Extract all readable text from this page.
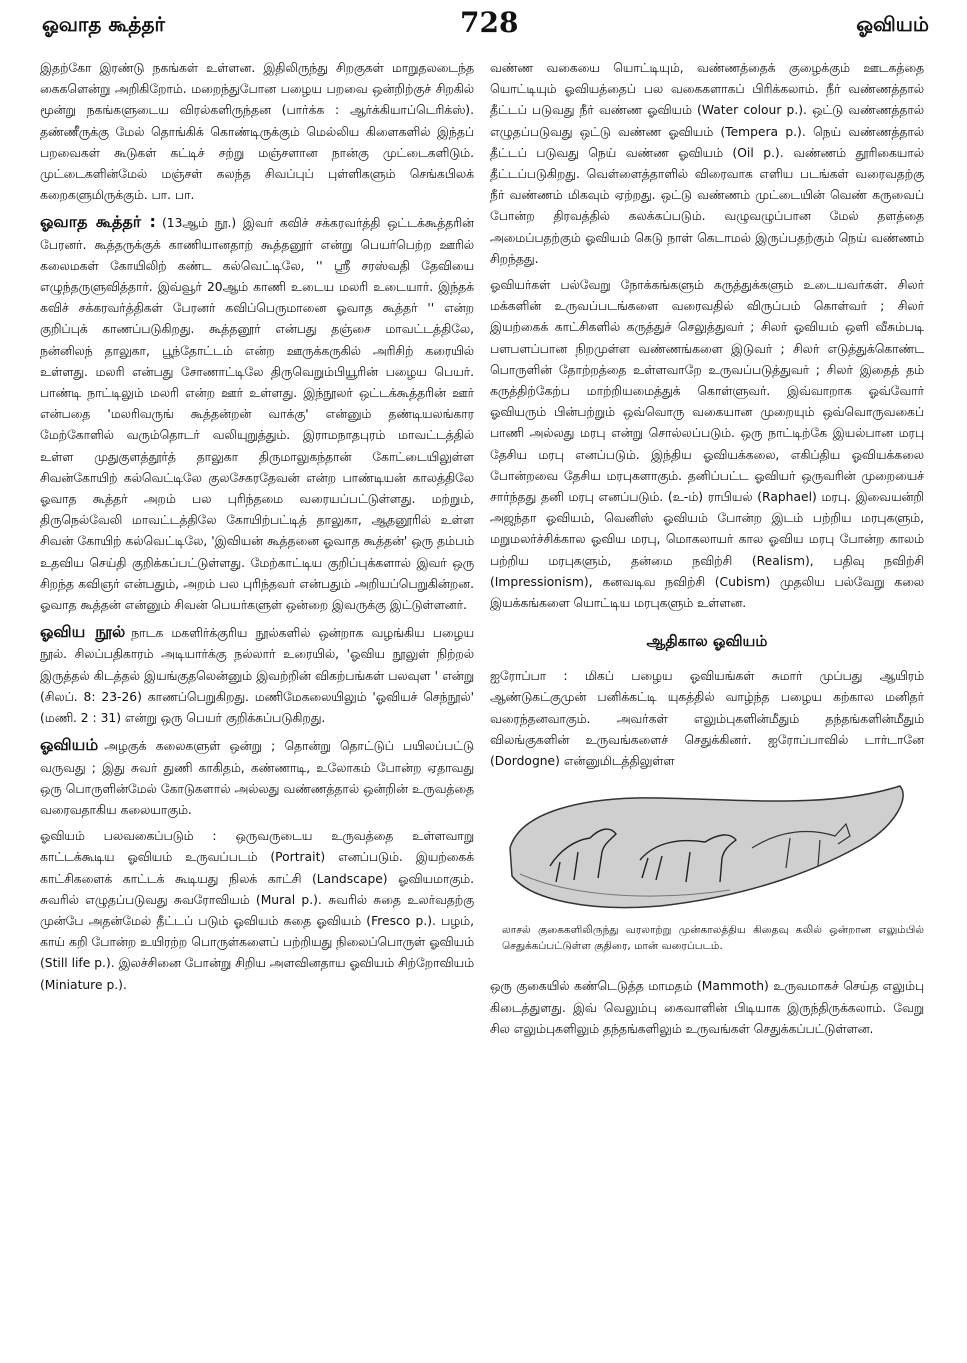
ஓவாத கூத்தர்	728	ஓவியம்

இதற்கோ இரண்டு நகங்கள் உள்ளன. இதிலிருந்து சிறகுகள் மாறுதலடைந்த கைகளென்று அறிகிறோம். மறைந்துபோன பழைய பறவை ஒன்றிற்குச் சிறகில் மூன்று நகங்களுடைய விரல்களிருந்தன (பார்க்க : ஆர்க்கியாப்டெரிக்ஸ்). தண்ணீருக்கு மேல் தொங்கிக் கொண்டிருக்கும் மெல்லிய கிளைகளில் இந்தப் பறவைகள் கூடுகள் கட்டிச் சற்று மஞ்சளான நான்கு முட்டைகளிடும். முட்டைகளின்மேல் மஞ்சள் கலந்த சிவப்புப் புள்ளிகளும் செங்கபிலக் கறைகளுமிருக்கும். பா. பா.

ஓவாத கூத்தர் : (13ஆம் நூ.) இவர் கவிச் சக்கரவர்த்தி ஒட்டக்கூத்தரின் பேரனர். கூத்தருக்குக் காணியானதாற் கூத்தனூர் என்று பெயர்பெற்ற ஊரில் கலைமகள் கோயிலிற் கண்ட கல்வெட்டிலே, '' ஸ்ரீ சரஸ்வதி தேவியை எழுந்தருளுவித்தார். இவ்வூர் 20ஆம் காணி உடைய மலரி உடையார். இந்தக் கவிச் சக்கரவர்த்திகள் பேரனர் கவிப்பெருமானை ஓவாத கூத்தர் '' என்ற குறிப்புக் காணப்படுகிறது. கூத்தனூர் என்பது தஞ்சை மாவட்டத்திலே, நன்னிலந் தாலுகா, பூந்தோட்டம் என்ற ஊருக்கருகில் அரிசிற் கரையில் உள்ளது. மலரி என்பது சோணாட்டிலே திருவெறும்பியூரின் பழைய பெயர். பாண்டி நாட்டிலும் மலரி என்ற ஊர் உள்ளது. இந்நூலர் ஒட்டக்கூத்தரின் ஊர் என்பதை 'மலரிவருங் கூத்தன்றன் வாக்கு' என்னும் தண்டியலங்கார மேற்கோளில் வரும்தொடர் வலியுறுத்தும். இராமநாதபுரம் மாவட்டத்தில் உள்ள முதுகுளத்தூர்த் தாலுகா திருமாலுகந்தான் கோட்டையிலுள்ள சிவன்கோயிற் கல்வெட்டிலே குலசேகரதேவன் என்ற பாண்டியன் காலத்திலே ஓவாத கூத்தர் அறம் பல புரிந்தமை வரையப்பட்டுள்ளது. மற்றும், திருநெல்வேலி மாவட்டத்திலே கோயிற்பட்டித் தாலுகா, ஆதனூரில் உள்ள சிவன் கோயிற் கல்வெட்டிலே, 'இவியன் கூத்தனை ஓவாத கூத்தன்' ஒரு தம்பம் உதவிய செய்தி குறிக்கப்பட்டுள்ளது. மேற்காட்டிய குறிப்புக்களால் இவர் ஒரு சிறந்த கவிஞர் என்பதும், அறம் பல புரிந்தவர் என்பதும் அறியப்பெறுகின்றன. ஓவாத கூத்தன் என்னும் சிவன் பெயர்களுள் ஒன்றை இவருக்கு இட்டுள்ளனர்.

ஓவிய நூல் நாடக மகளிர்க்குரிய நூல்களில் ஒன்றாக வழங்கிய பழைய நூல். சிலப்பதிகாரம் அடியார்க்கு நல்லார் உரையில், 'ஓவிய நூலுள் நிற்றல் இருத்தல் கிடத்தல் இயங்குதலென்னும் இவற்றின் விகற்பங்கள் பலவுள ' என்று (சிலப். 8: 23-26) காணப்பெறுகிறது. மணிமேகலையிலும் 'ஓவியச் செந்நூல்' (மணி. 2 : 31) என்று ஒரு பெயர் குறிக்கப்படுகிறது.

ஓவியம் அழகுக் கலைகளுள் ஒன்று ; தொன்று தொட்டுப் பயிலப்பட்டு வருவது ; இது சுவர் துணி காகிதம், கண்ணாடி, உலோகம் போன்ற ஏதாவது ஒரு பொருளின்மேல் கோடுகளால் அல்லது வண்ணத்தால் ஒன்றின் உருவத்தை வரைவதாகிய கலையாகும்.

ஓவியம் பலவகைப்படும் : ஒருவருடைய உருவத்தை உள்ளவாறு காட்டக்கூடிய ஓவியம் உருவப்படம் (Portrait) எனப்படும். இயற்கைக் காட்சிகளைக் காட்டக் கூடியது நிலக் காட்சி (Landscape) ஓவியமாகும். சுவரில் எழுதப்படுவது சுவரோவியம் (Mural p.). சுவரில் சுதை உலர்வதற்கு முன்பே அதன்மேல் தீட்டப் படும் ஓவியம் சுதை ஓவியம் (Fresco p.). பழம், காய் கறி போன்ற உயிரற்ற பொருள்களைப் பற்றியது நிலைப்பொருள் ஓவியம் (Still life p.). இலச்சினை போன்று சிறிய அளவினதாய ஓவியம் சிற்றோவியம் (Miniature p.).

வண்ண வகையை யொட்டியும், வண்ணத்தைக் குழைக்கும் ஊடகத்தை யொட்டியும் ஓவியத்தைப் பல வகைகளாகப் பிரிக்கலாம். நீர் வண்ணத்தால் தீட்டப் படுவது நீர் வண்ண ஓவியம் (Water colour p.). ஒட்டு வண்ணத்தால் எழுதப்படுவது ஒட்டு வண்ண ஓவியம் (Tempera p.). நெய் வண்ணத்தால் தீட்டப் படுவது நெய் வண்ண ஓவியம் (Oil p.). வண்ணம் தூரிகையால் தீட்டப்படுகிறது. வெள்ளைத்தாளில் விரைவாக எளிய படங்கள் வரைவதற்கு நீர் வண்ணம் மிகவும் ஏற்றது. ஒட்டு வண்ணம் முட்டையின் வெண் கருவைப் போன்ற திரவத்தில் கலக்கப்படும். வழுவழுப்பான மேல் தளத்தை அமைப்பதற்கும் ஓவியம் கெடு நாள் கெடாமல் இருப்பதற்கும் நெய் வண்ணம் சிறந்தது.

ஓவியர்கள் பல்வேறு நோக்கங்களும் கருத்துக்களும் உடையவர்கள். சிலர் மக்களின் உருவப்படங்களை வரைவதில் விருப்பம் கொள்வர் ; சிலர் இயற்கைக் காட்சிகளில் கருத்துச் செலுத்துவர் ; சிலர் ஓவியம் ஒளி வீசும்படி பளபளப்பான நிறமுள்ள வண்ணங்களை இடுவர் ; சிலர் எடுத்துக்கொண்ட பொருளின் தோற்றத்தை உள்ளவாறே உருவப்படுத்துவர் ; சிலர் இதைத் தம் கருத்திற்கேற்ப மாற்றியமைத்துக் கொள்ளுவர். இவ்வாறாக ஓவ்வோர் ஓவியரும் பின்பற்றும் ஒவ்வொரு வகையான முறையும் ஒவ்வொருவகைப் பாணி அல்லது மரபு என்று சொல்லப்படும். ஒரு நாட்டிற்கே இயல்பான மரபு தேசிய மரபு எனப்படும். இந்திய ஓவியக்கலை, எகிப்திய ஓவியக்கலை போன்றவை தேசிய மரபுகளாகும். தனிப்பட்ட ஓவியர் ஒருவரின் முறையைச் சார்ந்தது தனி மரபு எனப்படும். (உ-ம்) ராபியல் (Raphael) மரபு. இவையன்றி அஜந்தா ஓவியம், வெனிஸ் ஓவியம் போன்ற இடம் பற்றிய மரபுகளும், மறுமலர்ச்சிக்கால ஓவிய மரபு, மொகலாயர் கால ஓவிய மரபு போன்ற காலம் பற்றிய மரபுகளும், தன்மை நவிற்சி (Realism), பதிவு நவிற்சி (Impressionism), கனவடிவ நவிற்சி (Cubism) முதலிய பல்வேறு கலை இயக்கங்களை யொட்டிய மரபுகளும் உள்ளன.

ஆதிகால ஓவியம்

ஐரோப்பா : மிகப் பழைய ஓவியங்கள் சுமார் முப்பது ஆயிரம் ஆண்டுகட்குமுன் பனிக்கட்டி யுகத்தில் வாழ்ந்த பழைய கற்கால மனிதர் வரைந்தனவாகும். அவர்கள் எலும்புகளின்மீதும் தந்தங்களின்மீதும் விலங்குகளின் உருவங்களைச் செதுக்கினர். ஐரோப்பாவில் டார்டானே (Dordogne) என்னுமிடத்திலுள்ள

லாசல் குகைகளிலிருந்து வரலாற்று முன்காலத்திய கிதைவு கலில் ஒன்றான எலும்பில் செதுக்கப்பட்டுள்ள குதிரை, மான் வரைப்படம்.

ஒரு குகையில் கண்டெடுத்த மாமதம் (Mammoth) உருவமாகச் செய்த எலும்பு கிடைத்துளது. இவ் வெலும்பு கைவாளின் பிடியாக இருந்திருக்கலாம். வேறு சில எலும்புகளிலும் தந்தங்களிலும் உருவங்கள் செதுக்கப்பட்டுள்ளன.
